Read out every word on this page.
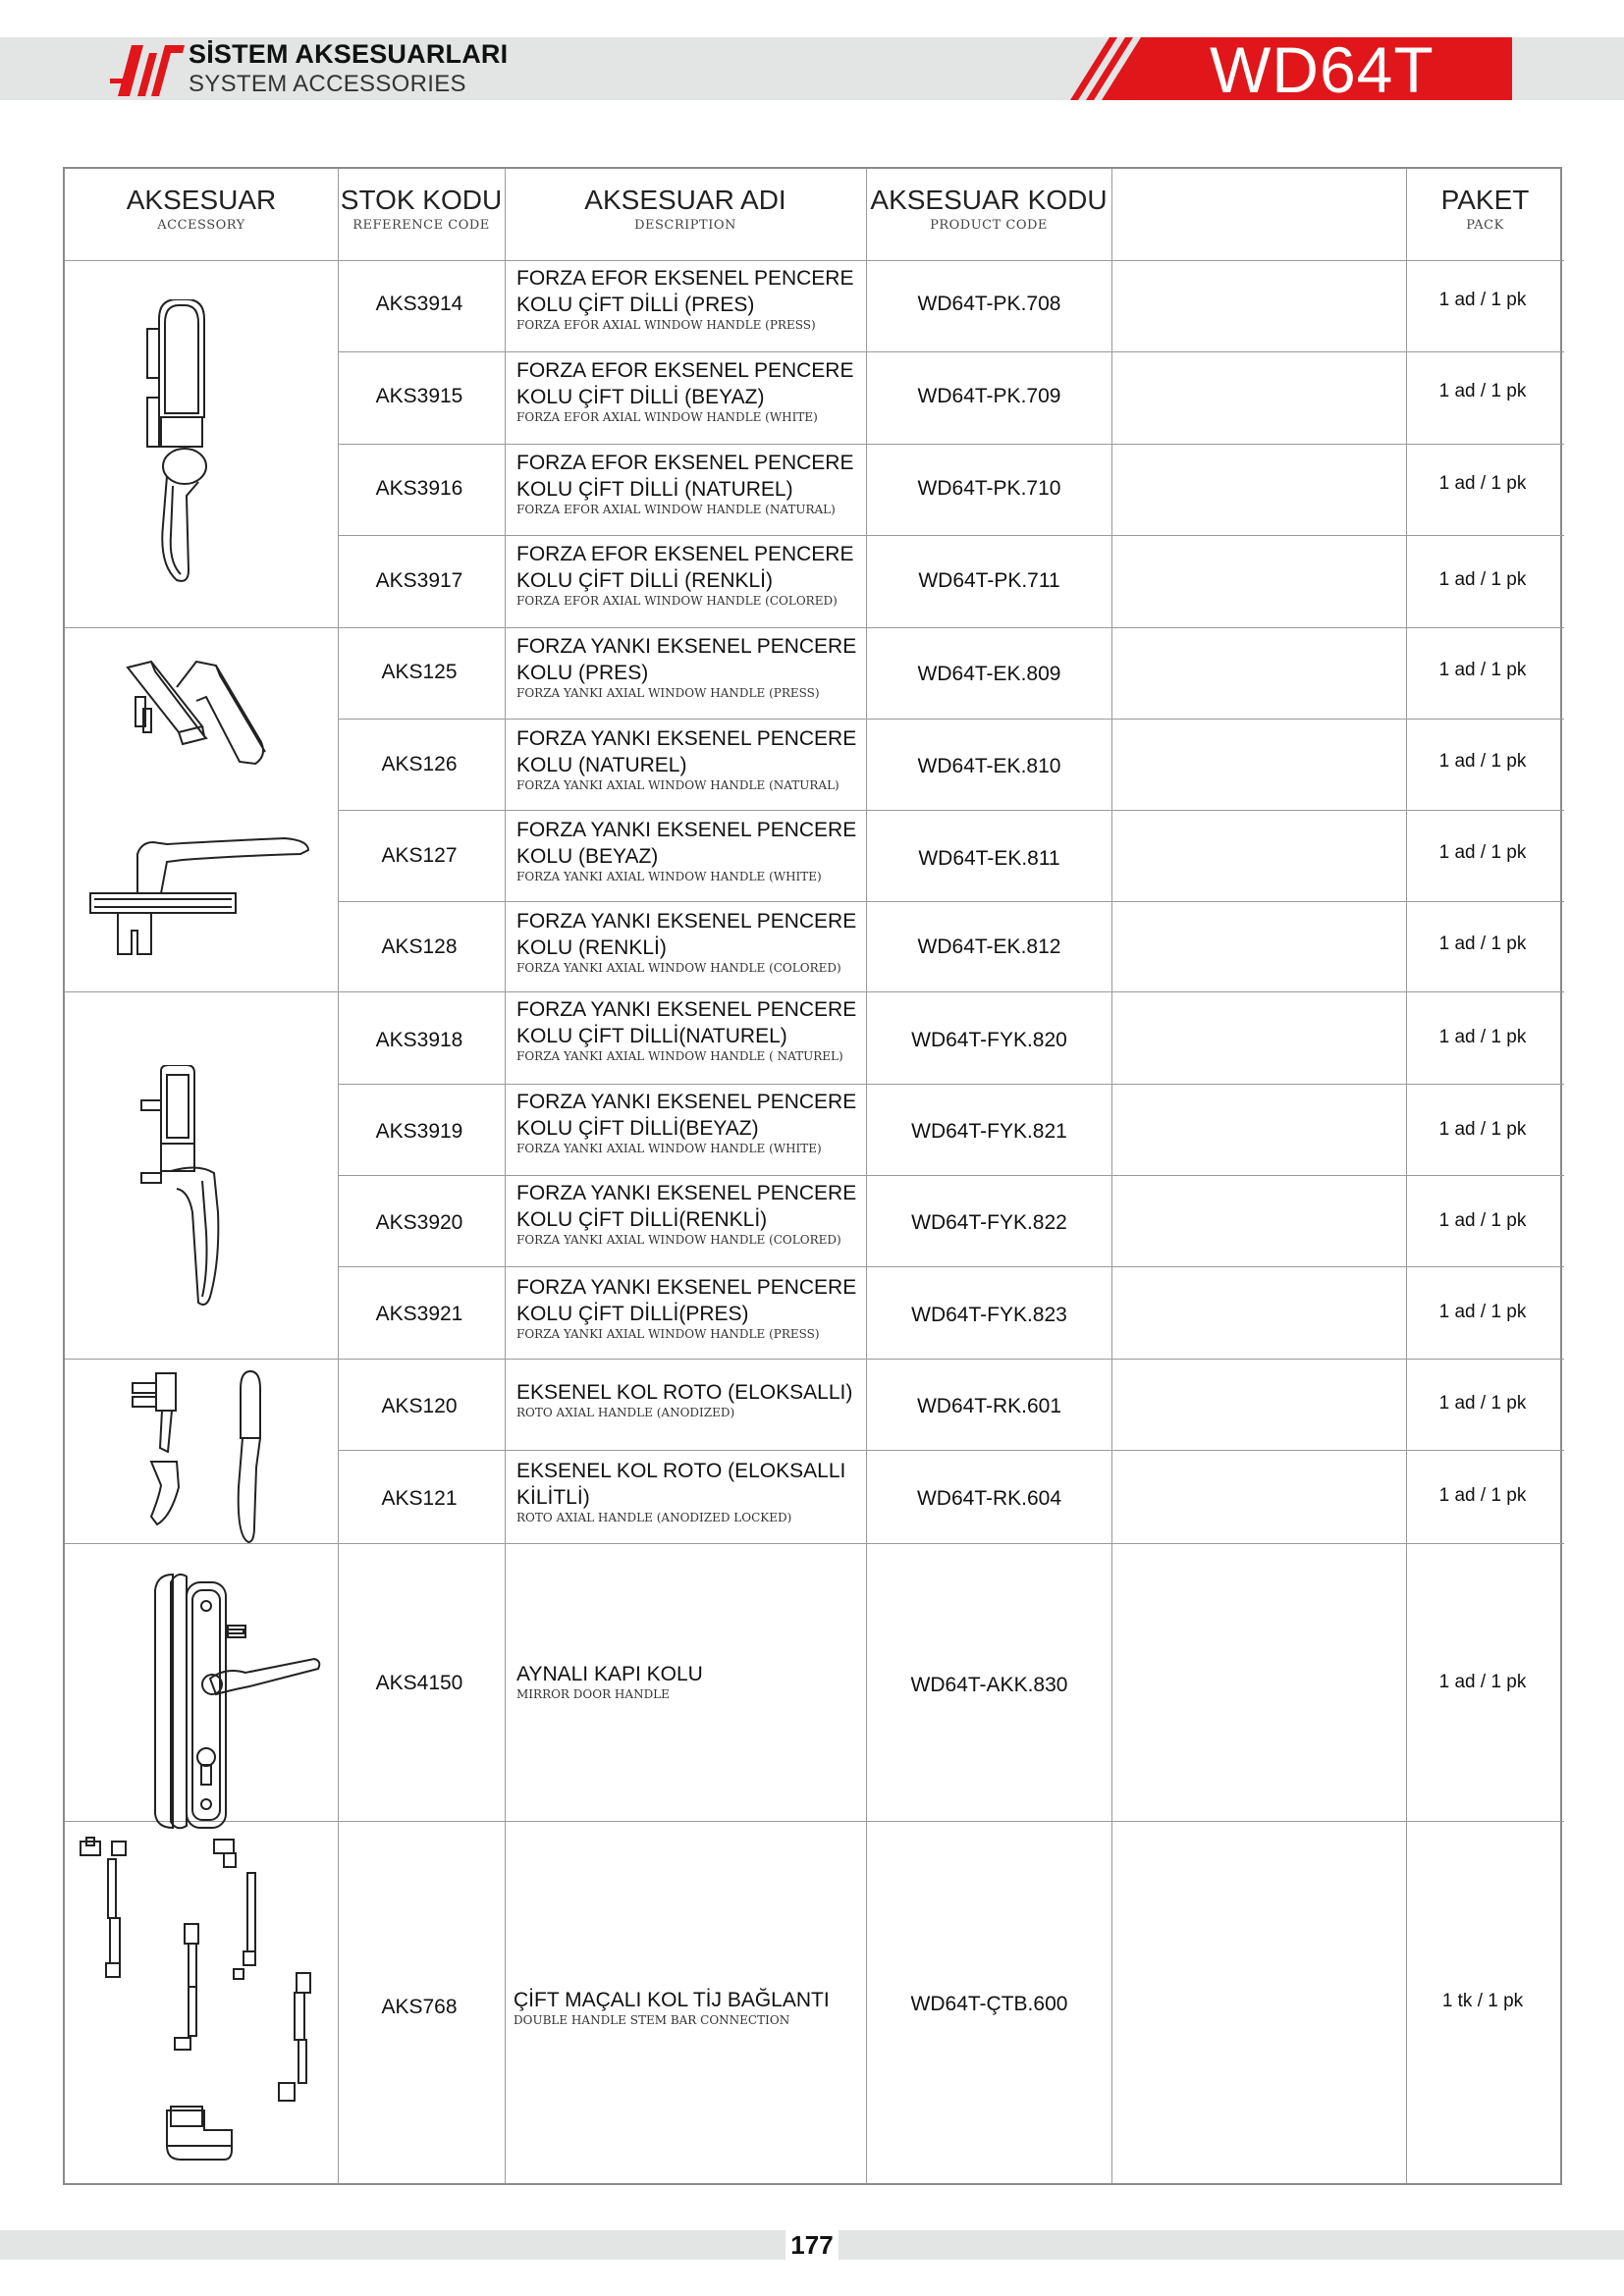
SİSTEM AKSESUARLARI
SYSTEM ACCESSORIES	WD64T
AKSESUAR
ACCESSORY
STOK KODU
REFERENCE CODE
AKSESUAR ADI
DESCRIPTION
AKSESUAR KODU
PRODUCT CODE
PAKET
PACK
AKS3914
FORZA EFOR EKSENEL PENCERE
KOLU ÇİFT DİLLİ (PRES)
FORZA EFOR AXIAL WINDOW HANDLE (PRESS)
WD64T-PK.708	1 ad / 1 pk
AKS3915
FORZA EFOR EKSENEL PENCERE
KOLU ÇİFT DİLLİ (BEYAZ)
FORZA EFOR AXIAL WINDOW HANDLE (WHITE)
WD64T-PK.709	1 ad / 1 pk
AKS3916
FORZA EFOR EKSENEL PENCERE
KOLU ÇİFT DİLLİ (NATUREL)
FORZA EFOR AXIAL WINDOW HANDLE (NATURAL)
WD64T-PK.710	1 ad / 1 pk
AKS3917
FORZA EFOR EKSENEL PENCERE
KOLU ÇİFT DİLLİ (RENKLİ)
FORZA EFOR AXIAL WINDOW HANDLE (COLORED)
WD64T-PK.711	1 ad / 1 pk
AKS125
FORZA YANKI EKSENEL PENCERE
KOLU (PRES)
FORZA YANKI AXIAL WINDOW HANDLE (PRESS)
WD64T-EK.809	1 ad / 1 pk
AKS126
FORZA YANKI EKSENEL PENCERE
KOLU (NATUREL)
FORZA YANKI AXIAL WINDOW HANDLE (NATURAL)
WD64T-EK.810	1 ad / 1 pk
AKS127
FORZA YANKI EKSENEL PENCERE
KOLU (BEYAZ)
FORZA YANKI AXIAL WINDOW HANDLE (WHITE)
WD64T-EK.811	1 ad / 1 pk
AKS128
FORZA YANKI EKSENEL PENCERE
KOLU (RENKLİ)
FORZA YANKI AXIAL WINDOW HANDLE (COLORED)
WD64T-EK.812	1 ad / 1 pk
AKS3918
FORZA YANKI EKSENEL PENCERE
KOLU ÇİFT DİLLİ(NATUREL)
FORZA YANKI AXIAL WINDOW HANDLE ( NATUREL)
WD64T-FYK.820	1 ad / 1 pk
AKS3919
FORZA YANKI EKSENEL PENCERE
KOLU ÇİFT DİLLİ(BEYAZ)
FORZA YANKI AXIAL WINDOW HANDLE (WHITE)
WD64T-FYK.821	1 ad / 1 pk
AKS3920
FORZA YANKI EKSENEL PENCERE
KOLU ÇİFT DİLLİ(RENKLİ)
FORZA YANKI AXIAL WINDOW HANDLE (COLORED)
WD64T-FYK.822	1 ad / 1 pk
AKS3921
FORZA YANKI EKSENEL PENCERE
KOLU ÇİFT DİLLİ(PRES)
FORZA YANKI AXIAL WINDOW HANDLE (PRESS)
WD64T-FYK.823	1 ad / 1 pk
AKS120
EKSENEL KOL ROTO (ELOKSALLI)
ROTO AXIAL HANDLE (ANODIZED)	WD64T-RK.601	1 ad / 1 pk
AKS121
EKSENEL KOL ROTO (ELOKSALLI
KİLİTLİ)
ROTO AXIAL HANDLE (ANODIZED LOCKED)
WD64T-RK.604	1 ad / 1 pk
AKS4150	AYNALI KAPI KOLU
MIRROR DOOR HANDLE	WD64T-AKK.830	1 ad / 1 pk
AKS768	ÇİFT MAÇALI KOL TİJ BAĞLANTI
DOUBLE HANDLE STEM BAR CONNECTION
WD64T-ÇTB.600	1 tk / 1 pk
177
